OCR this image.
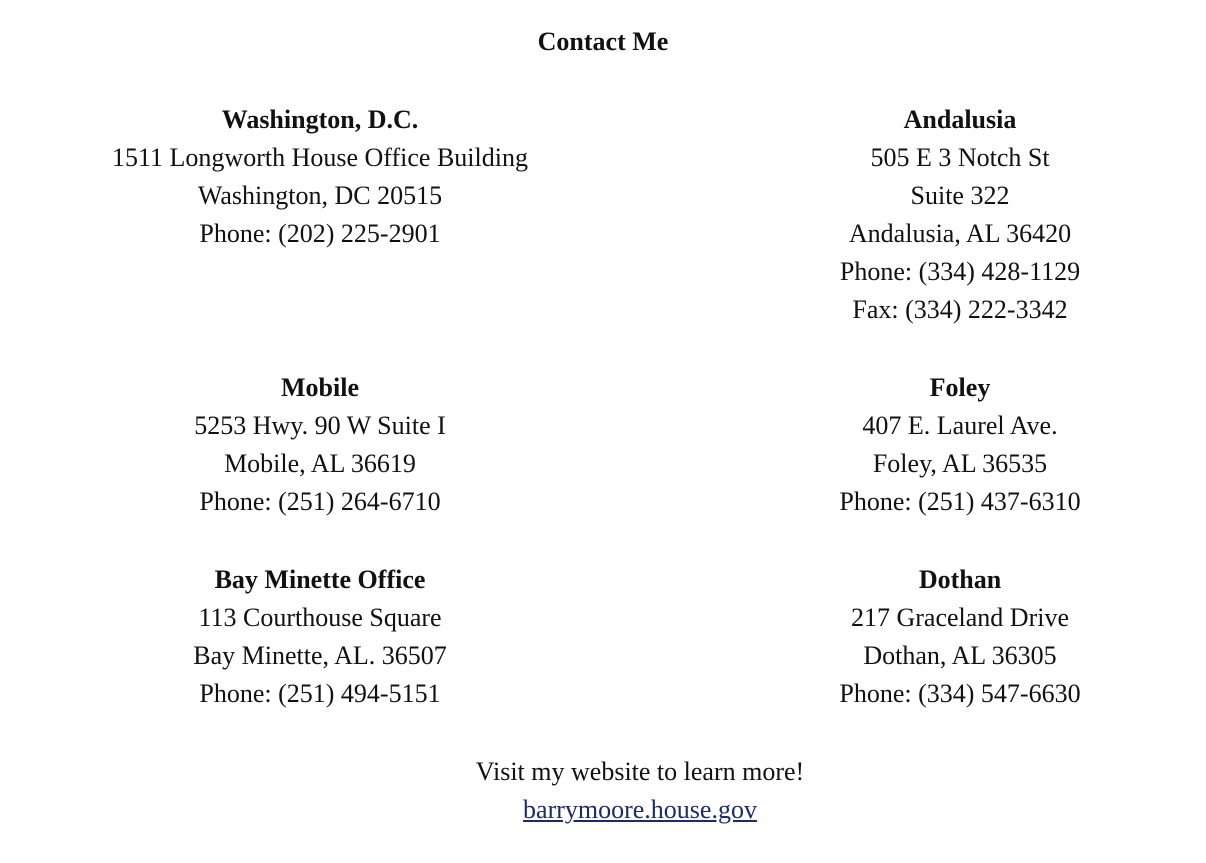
Contact Me
Washington, D.C.
1511 Longworth House Office Building
Washington, DC 20515
Phone: (202) 225-2901
Andalusia
505 E 3 Notch St
Suite 322
Andalusia, AL 36420
Phone: (334) 428-1129
Fax: (334) 222-3342
Mobile
5253 Hwy. 90 W Suite I
Mobile, AL 36619
Phone: (251) 264-6710
Foley
407 E. Laurel Ave.
Foley, AL 36535
Phone: (251) 437-6310
Bay Minette Office
113 Courthouse Square
Bay Minette, AL. 36507
Phone: (251) 494-5151
Dothan
217 Graceland Drive
Dothan, AL 36305
Phone: (334) 547-6630
Visit my website to learn more!
barrymoore.house.gov
